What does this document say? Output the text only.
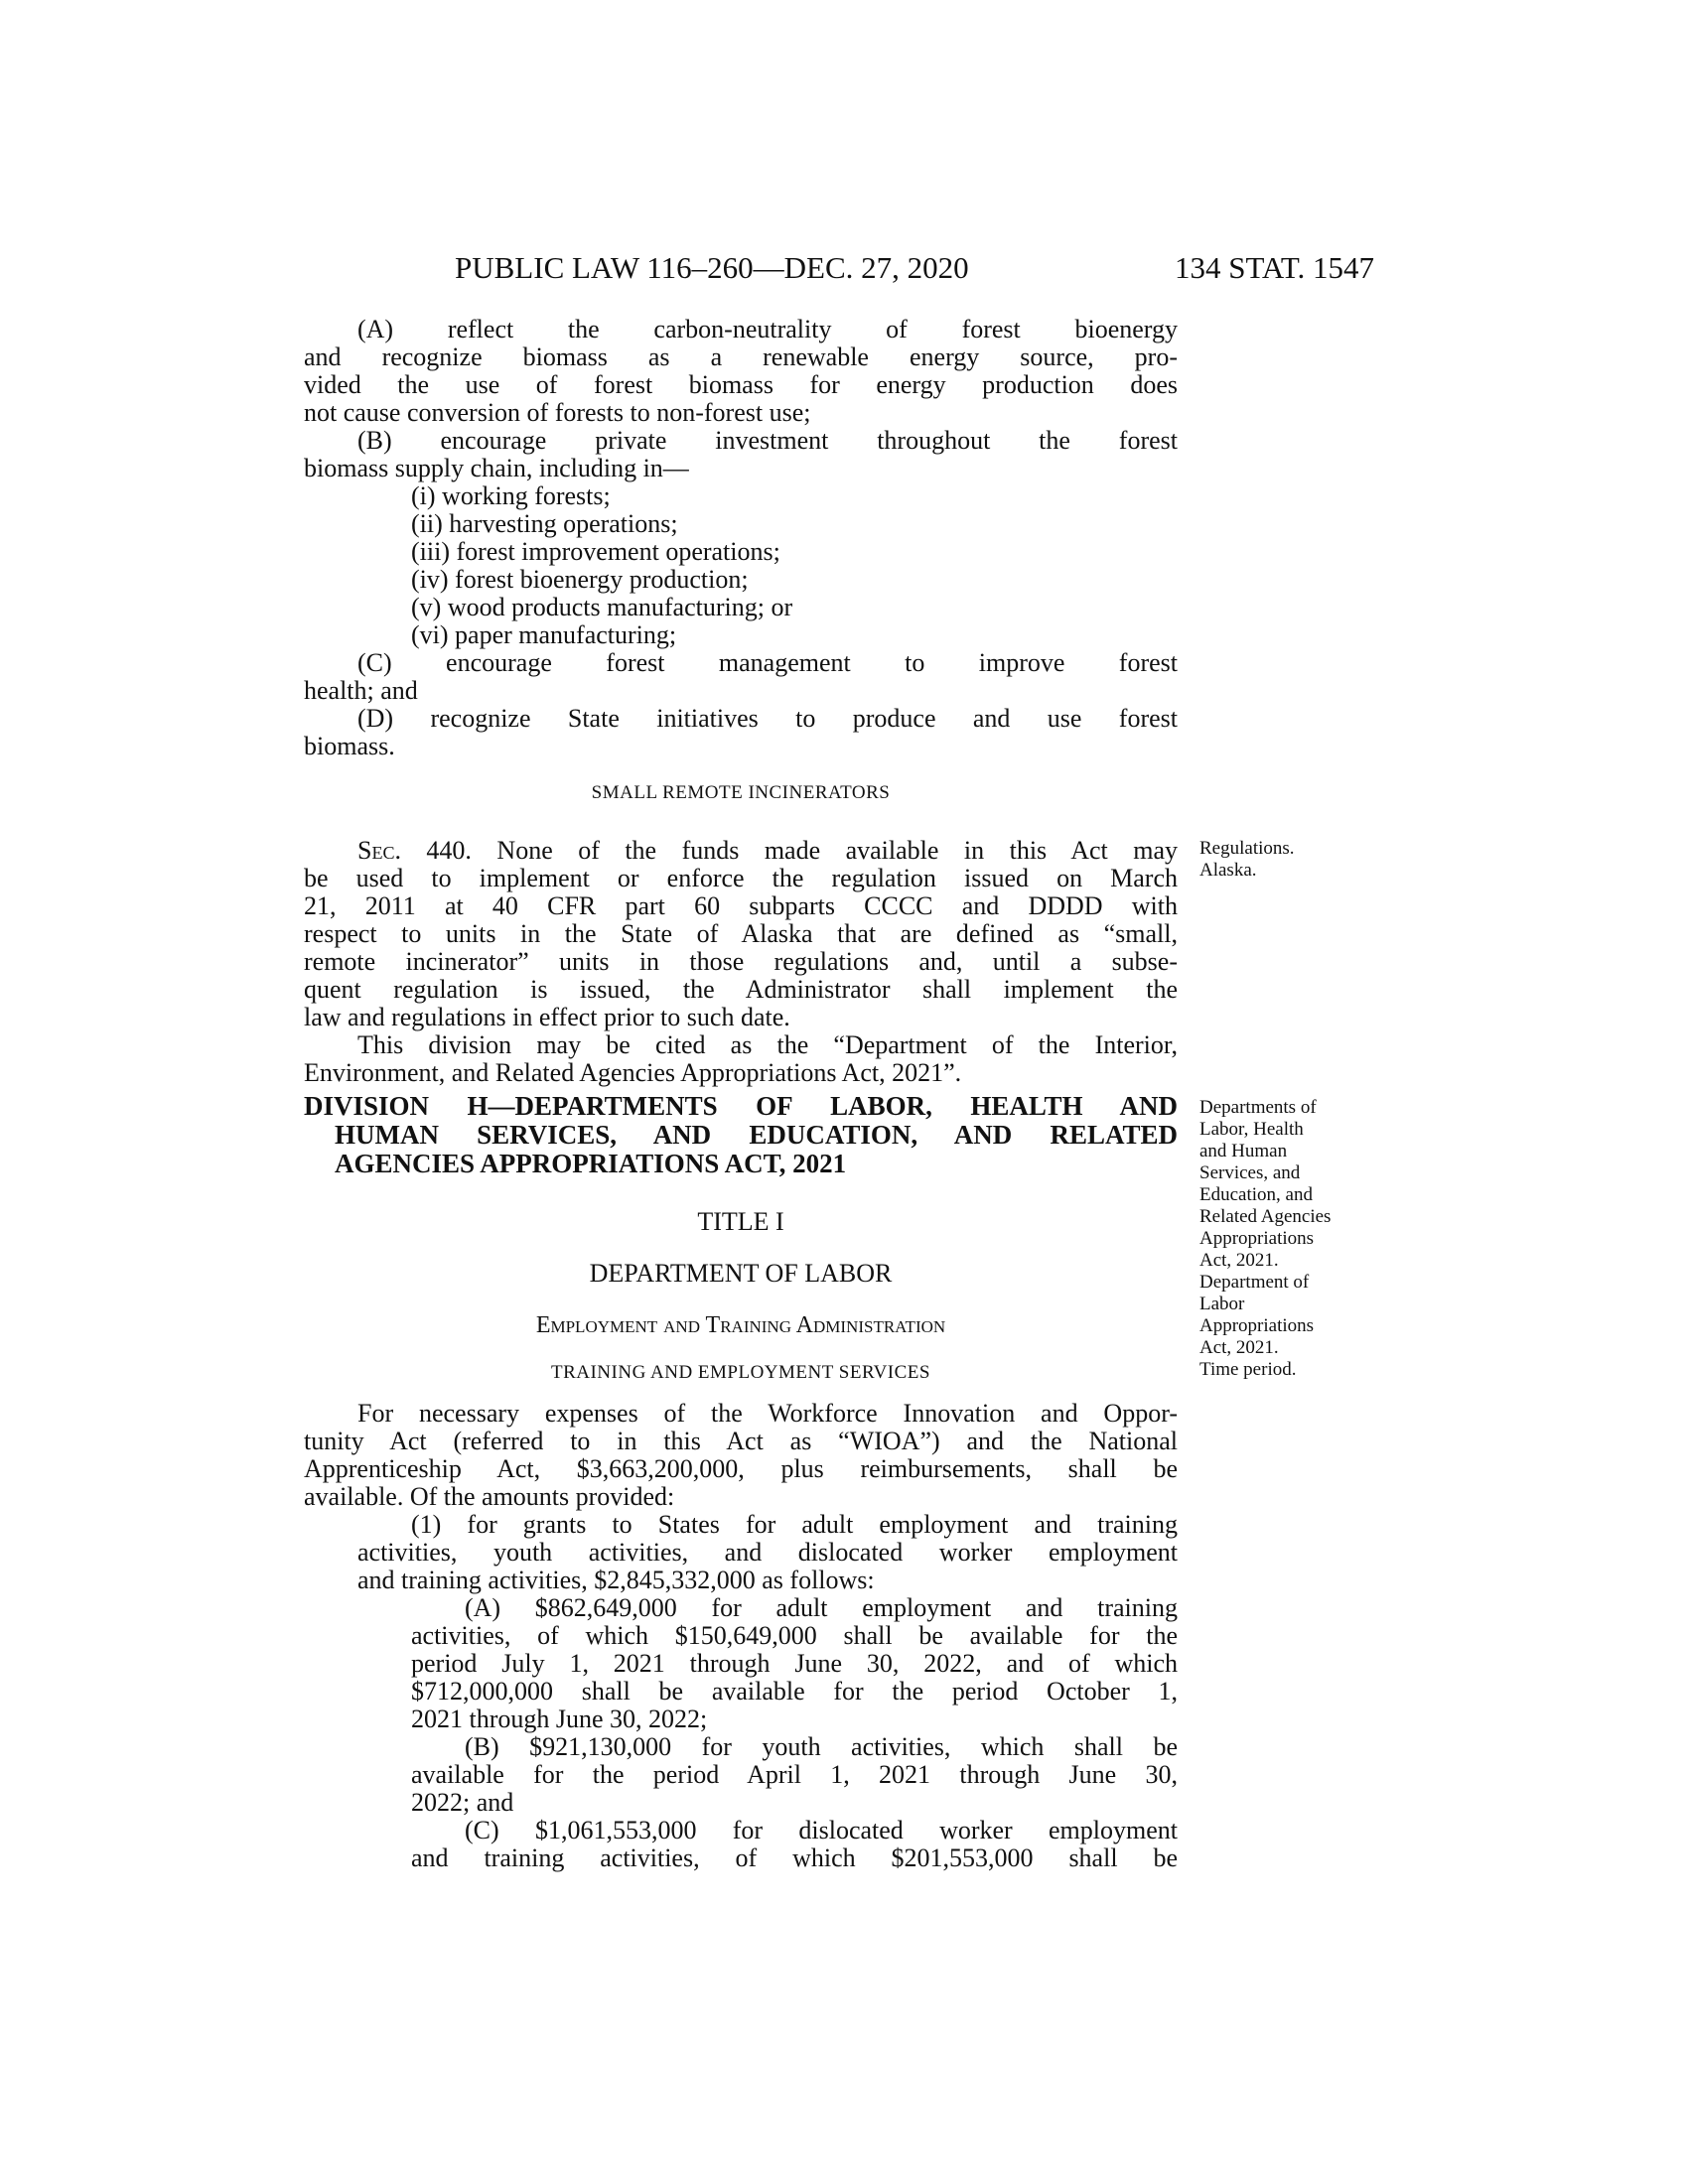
PUBLIC LAW 116–260—DEC. 27, 2020	134 STAT. 1547
(A) reflect the carbon-neutrality of forest bioenergy
and recognize biomass as a renewable energy source, pro-
vided the use of forest biomass for energy production does
not cause conversion of forests to non-forest use;
(B) encourage private investment throughout the forest
biomass supply chain, including in—
(i) working forests;
(ii) harvesting operations;
(iii) forest improvement operations;
(iv) forest bioenergy production;
(v) wood products manufacturing; or
(vi) paper manufacturing;
(C) encourage forest management to improve forest
health; and
(D) recognize State initiatives to produce and use forest
biomass.
SMALL REMOTE INCINERATORS
Sec. 440. None of the funds made available in this Act may
be used to implement or enforce the regulation issued on March
21, 2011 at 40 CFR part 60 subparts CCCC and DDDD with
respect to units in the State of Alaska that are defined as “small,
remote incinerator” units in those regulations and, until a subse-
quent regulation is issued, the Administrator shall implement the
law and regulations in effect prior to such date.
This division may be cited as the “Department of the Interior,
Environment, and Related Agencies Appropriations Act, 2021”.
Regulations.
Alaska.
DIVISION H—DEPARTMENTS OF LABOR, HEALTH AND
HUMAN SERVICES, AND EDUCATION, AND RELATED
AGENCIES APPROPRIATIONS ACT, 2021
TITLE I
DEPARTMENT OF LABOR
Employment and Training Administration
TRAINING AND EMPLOYMENT SERVICES
Departments of
Labor, Health
and Human
Services, and
Education, and
Related Agencies
Appropriations
Act, 2021.
Department of
Labor
Appropriations
Act, 2021.
Time period.
For necessary expenses of the Workforce Innovation and Oppor-
tunity Act (referred to in this Act as “WIOA”) and the National
Apprenticeship Act, $3,663,200,000, plus reimbursements, shall be
available. Of the amounts provided:
(1) for grants to States for adult employment and training
activities, youth activities, and dislocated worker employment
and training activities, $2,845,332,000 as follows:
(A) $862,649,000 for adult employment and training
activities, of which $150,649,000 shall be available for the
period July 1, 2021 through June 30, 2022, and of which
$712,000,000 shall be available for the period October 1,
2021 through June 30, 2022;
(B) $921,130,000 for youth activities, which shall be
available for the period April 1, 2021 through June 30,
2022; and
(C) $1,061,553,000 for dislocated worker employment
and training activities, of which $201,553,000 shall be
